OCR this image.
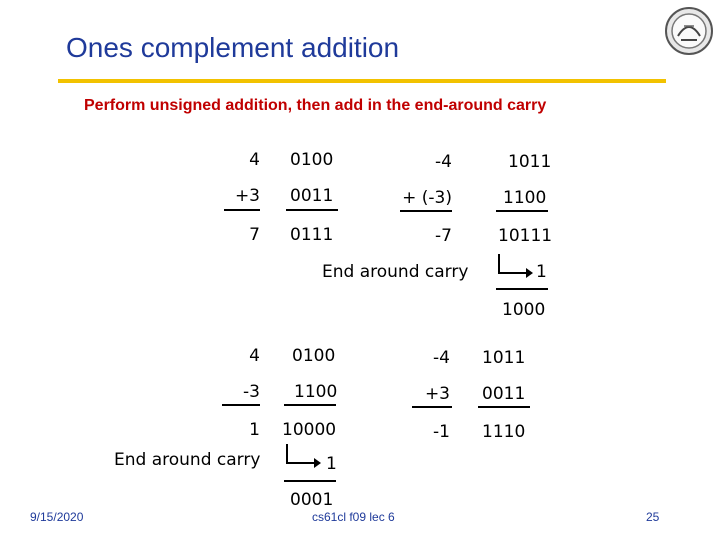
Ones complement addition
Perform unsigned addition, then add in the end-around carry
4 0100
+3 0011
7 0111
-4	1011
+ (-3)	1100
-7	10111
End around carry	1
1000
4 0100
-3 1100
1 10000
End around carry	1
0001
-4 1011
+3 0011
-1 1110
9/15/2020	cs61cl f09 lec 6	25
